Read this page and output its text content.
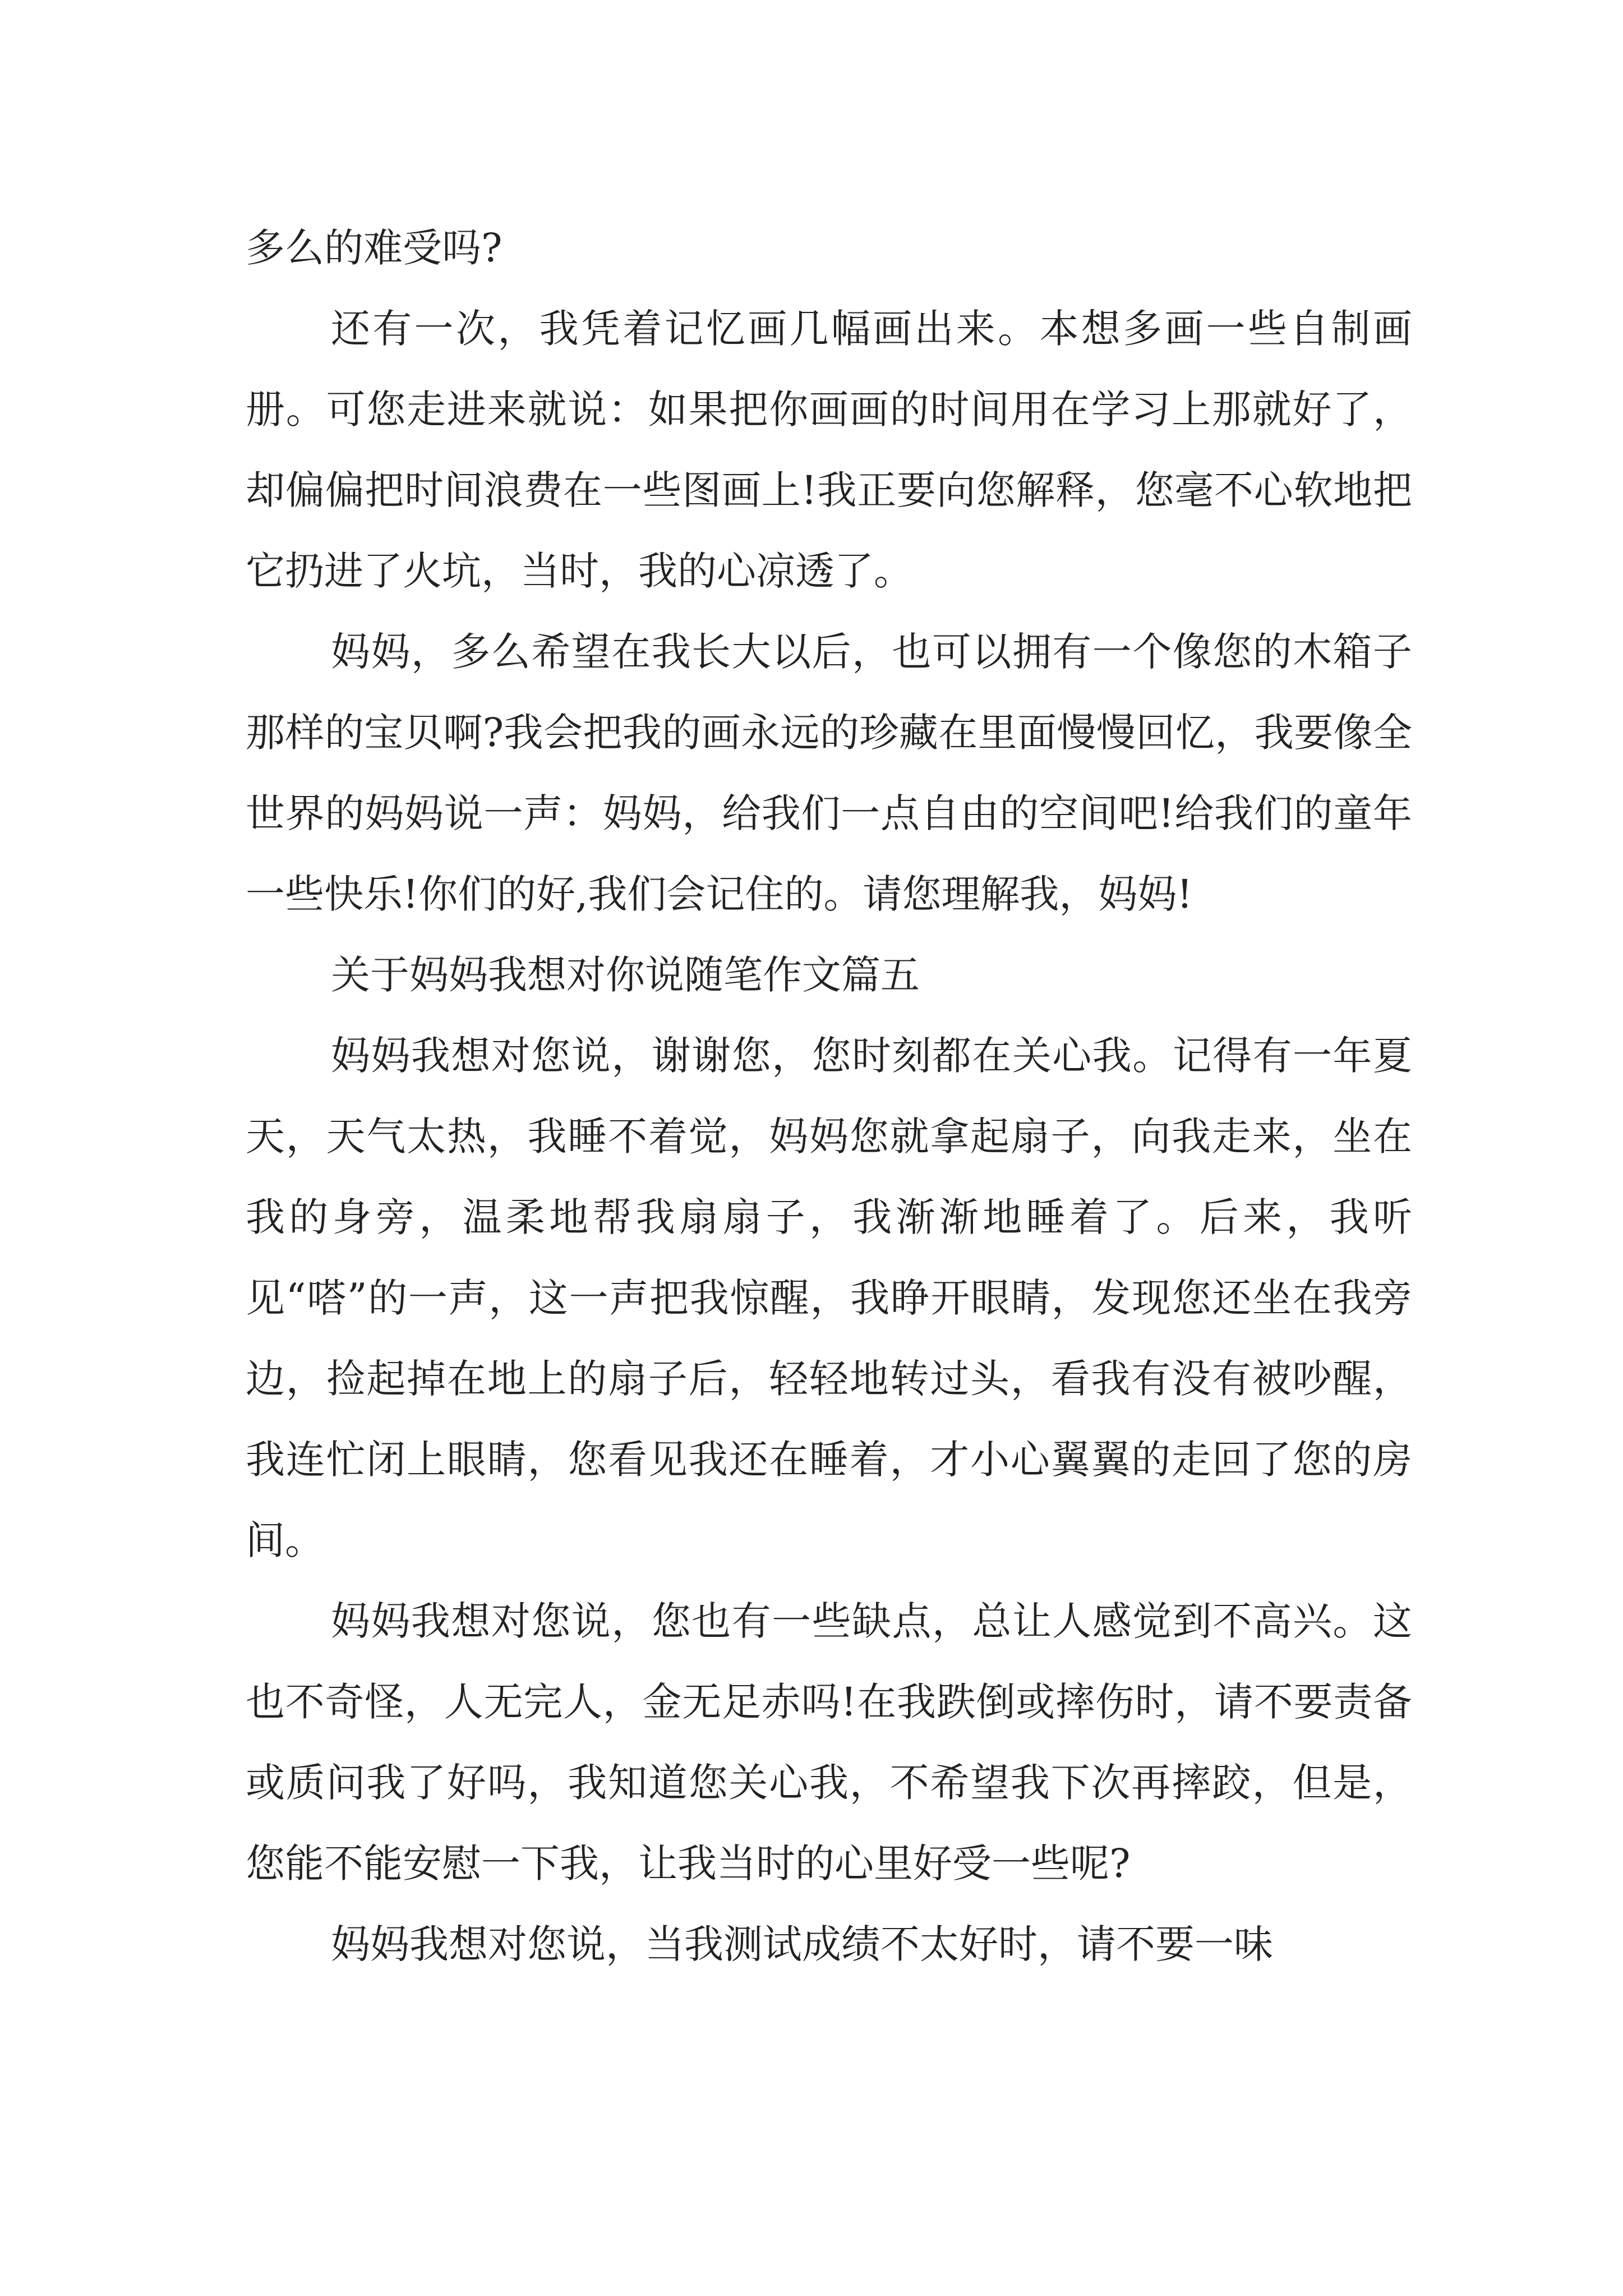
多么的难受吗?

还有一次，我凭着记忆画几幅画出来。本想多画一些自制画册。可您走进来就说：如果把你画画的时间用在学习上那就好了，却偏偏把时间浪费在一些图画上!我正要向您解释，您毫不心软地把它扔进了火坑，当时，我的心凉透了。

妈妈，多么希望在我长大以后，也可以拥有一个像您的木箱子那样的宝贝啊?我会把我的画永远的珍藏在里面慢慢回忆，我要像全世界的妈妈说一声：妈妈，给我们一点自由的空间吧!给我们的童年一些快乐!你们的好,我们会记住的。请您理解我，妈妈!

关于妈妈我想对你说随笔作文篇五

妈妈我想对您说，谢谢您，您时刻都在关心我。记得有一年夏天，天气太热，我睡不着觉，妈妈您就拿起扇子，向我走来，坐在我的身旁，温柔地帮我扇扇子，我渐渐地睡着了。后来，我听见“嗒”的一声，这一声把我惊醒，我睁开眼睛，发现您还坐在我旁边，捡起掉在地上的扇子后，轻轻地转过头，看我有没有被吵醒，我连忙闭上眼睛，您看见我还在睡着，才小心翼翼的走回了您的房间。

妈妈我想对您说，您也有一些缺点，总让人感觉到不高兴。这也不奇怪，人无完人，金无足赤吗!在我跌倒或摔伤时，请不要责备或质问我了好吗，我知道您关心我，不希望我下次再摔跤，但是，您能不能安慰一下我，让我当时的心里好受一些呢?

妈妈我想对您说，当我测试成绩不太好时，请不要一味
